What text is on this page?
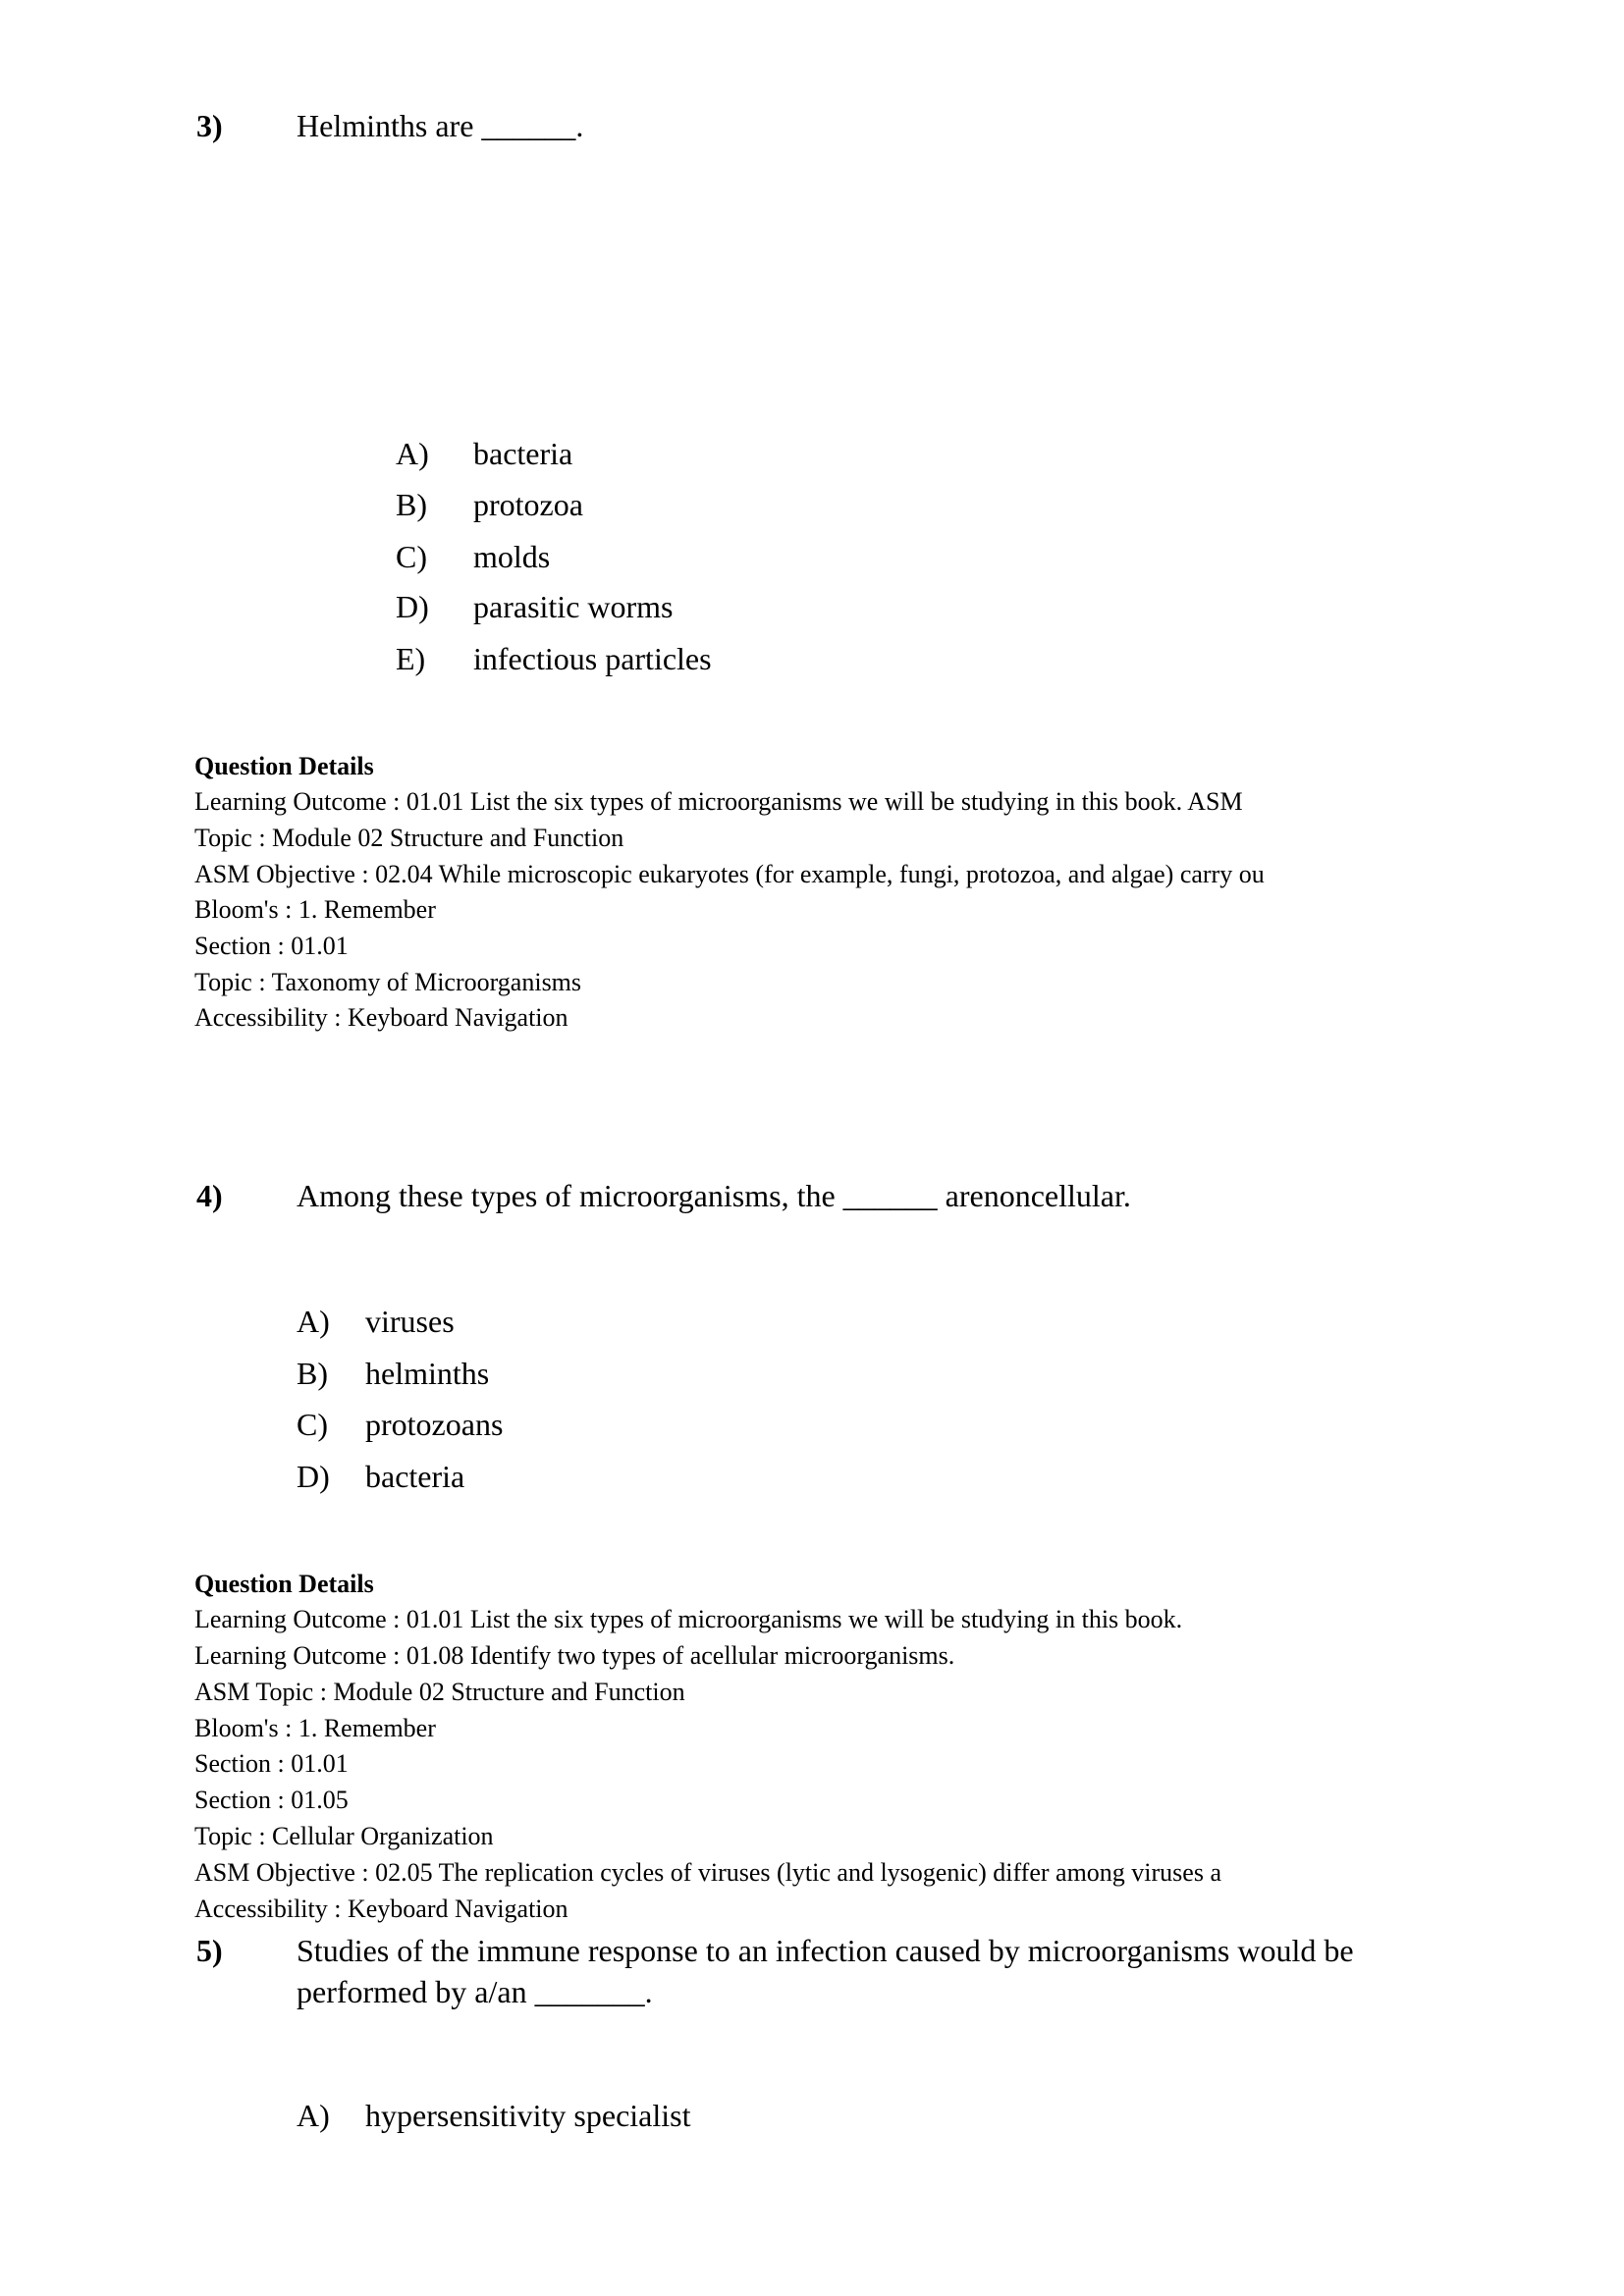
3) Helminths are ______.
A) bacteria
B) protozoa
C) molds
D) parasitic worms
E) infectious particles
Question Details
Learning Outcome : 01.01 List the six types of microorganisms we will be studying in this book. ASM
Topic : Module 02 Structure and Function
ASM Objective : 02.04 While microscopic eukaryotes (for example, fungi, protozoa, and algae) carry ou
Bloom's : 1. Remember
Section : 01.01
Topic : Taxonomy of Microorganisms
Accessibility : Keyboard Navigation
4) Among these types of microorganisms, the ______ arenoncellular.
A) viruses
B) helminths
C) protozoans
D) bacteria
Question Details
Learning Outcome : 01.01 List the six types of microorganisms we will be studying in this book.
Learning Outcome : 01.08 Identify two types of acellular microorganisms.
ASM Topic : Module 02 Structure and Function
Bloom's : 1. Remember
Section : 01.01
Section : 01.05
Topic : Cellular Organization
ASM Objective : 02.05 The replication cycles of viruses (lytic and lysogenic) differ among viruses a
Accessibility : Keyboard Navigation
5) Studies of the immune response to an infection caused by microorganisms would be
performed by a/an _______.
A) hypersensitivity specialist
